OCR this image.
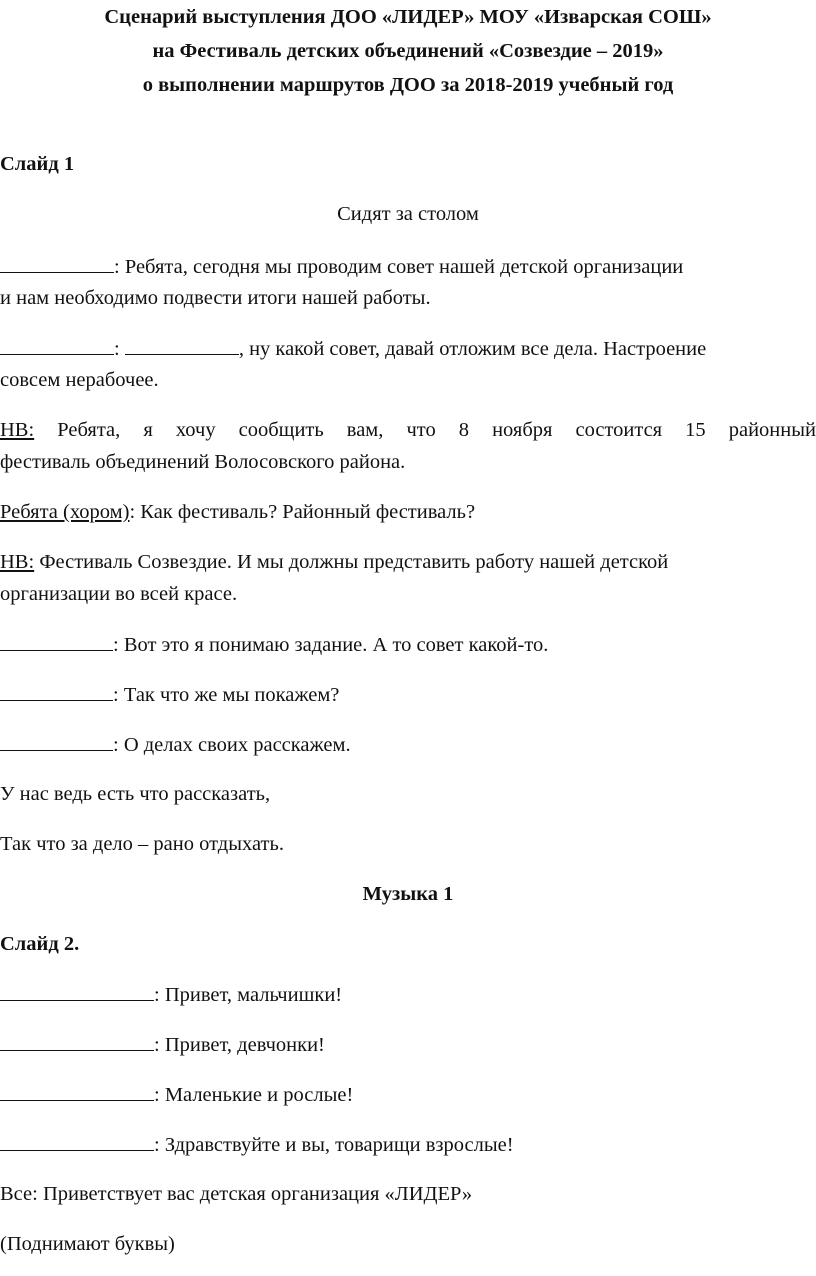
Сценарий выступления ДОО «ЛИДЕР» МОУ «Изварская СОШ»
на Фестиваль детских объединений «Созвездие – 2019»
о выполнении маршрутов ДОО за 2018-2019 учебный год
Слайд 1
Сидят за столом
: Ребята, сегодня мы проводим совет нашей детской организации
и нам необходимо подвести итоги нашей работы.
:	, ну какой совет, давай отложим все дела. Настроение
совсем нерабочее.
НВ: Ребята, я хочу сообщить вам, что 8 ноября состоится 15 районный
фестиваль объединений Волосовского района.
Ребята (хором): Как фестиваль? Районный фестиваль?
НВ: Фестиваль Созвездие. И мы должны представить работу нашей детской
организации во всей красе.
: Вот это я понимаю задание. А то совет какой-то.
: Так что же мы покажем?
: О делах своих расскажем.
У нас ведь есть что рассказать,
Так что за дело – рано отдыхать.
Музыка 1
Слайд 2.
: Привет, мальчишки!
: Привет, девчонки!
: Маленькие и рослые!
: Здравствуйте и вы, товарищи взрослые!
Все: Приветствует вас детская организация «ЛИДЕР»
(Поднимают буквы)
